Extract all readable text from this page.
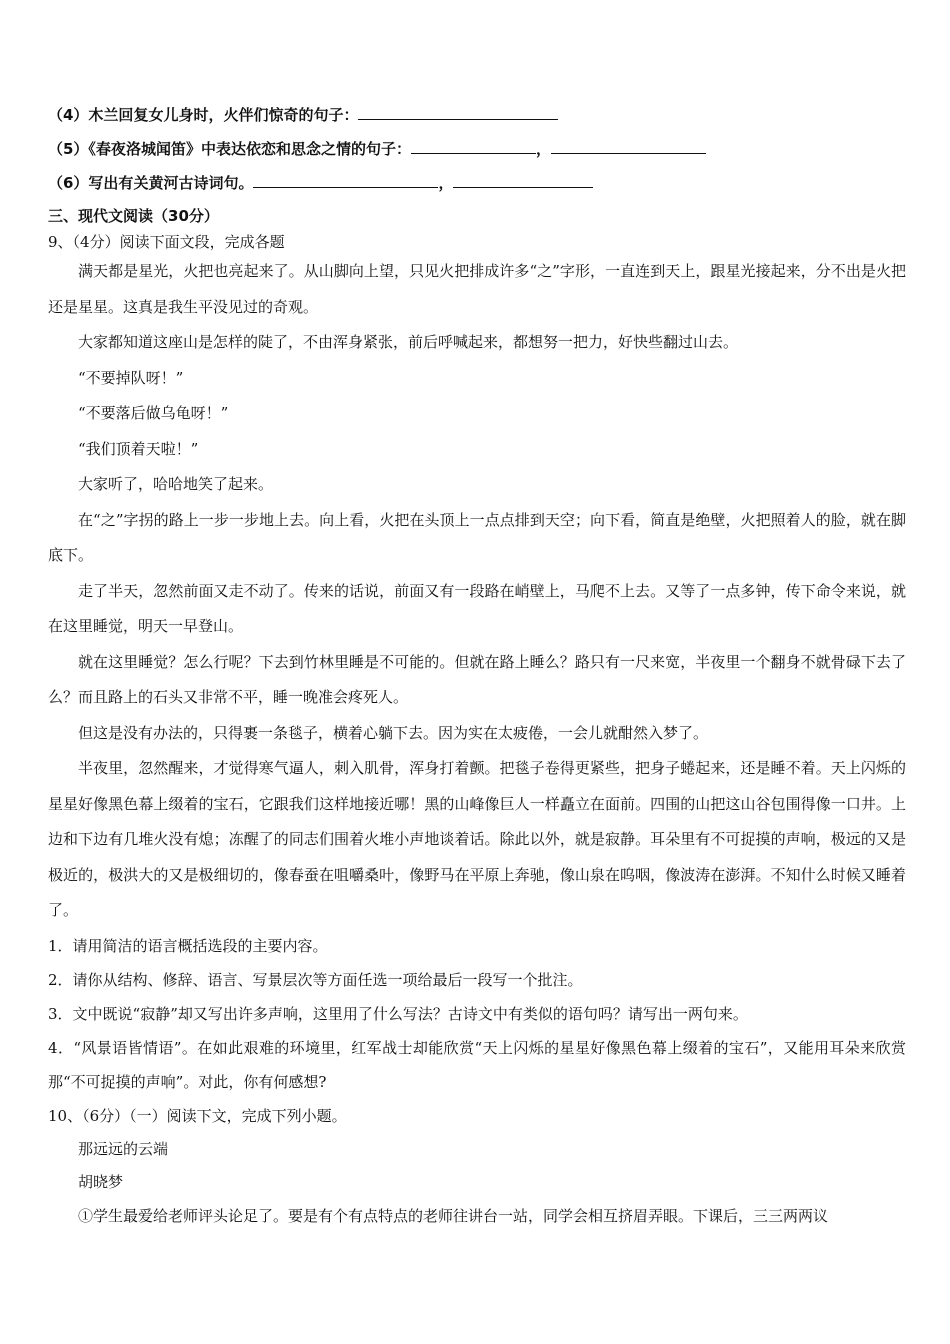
（4）木兰回复女儿身时，火伴们惊奇的句子：
（5）《春夜洛城闻笛》中表达依恋和思念之情的句子：	，
（6）写出有关黄河古诗词句。	，
三、现代文阅读（30分）
9、（4分）阅读下面文段，完成各题

满天都是星光，火把也亮起来了。从山脚向上望，只见火把排成许多“之”字形，一直连到天上，跟星光接起来，分不出是火把还是星星。这真是我生平没见过的奇观。

大家都知道这座山是怎样的陡了，不由浑身紧张，前后呼喊起来，都想努一把力，好快些翻过山去。

“不要掉队呀！”

“不要落后做乌龟呀！”

“我们顶着天啦！”

大家听了，哈哈地笑了起来。

在“之”字拐的路上一步一步地上去。向上看，火把在头顶上一点点排到天空；向下看，简直是绝壁，火把照着人的脸，就在脚底下。

走了半天，忽然前面又走不动了。传来的话说，前面又有一段路在峭壁上，马爬不上去。又等了一点多钟，传下命令来说，就在这里睡觉，明天一早登山。

就在这里睡觉？怎么行呢？下去到竹林里睡是不可能的。但就在路上睡么？路只有一尺来宽，半夜里一个翻身不就骨碌下去了么？而且路上的石头又非常不平，睡一晚准会疼死人。

但这是没有办法的，只得裹一条毯子，横着心躺下去。因为实在太疲倦，一会儿就酣然入梦了。

半夜里，忽然醒来，才觉得寒气逼人，刺入肌骨，浑身打着颤。把毯子卷得更紧些，把身子蜷起来，还是睡不着。天上闪烁的星星好像黑色幕上缀着的宝石，它跟我们这样地接近哪！黑的山峰像巨人一样矗立在面前。四围的山把这山谷包围得像一口井。上边和下边有几堆火没有熄；冻醒了的同志们围着火堆小声地谈着话。除此以外，就是寂静。耳朵里有不可捉摸的声响，极远的又是极近的，极洪大的又是极细切的，像春蚕在咀嚼桑叶，像野马在平原上奔驰，像山泉在呜咽，像波涛在澎湃。不知什么时候又睡着了。

1．请用简洁的语言概括选段的主要内容。

2．请你从结构、修辞、语言、写景层次等方面任选一项给最后一段写一个批注。

3．文中既说“寂静”却又写出许多声响，这里用了什么写法？古诗文中有类似的语句吗？请写出一两句来。

4．“风景语皆情语”。在如此艰难的环境里，红军战士却能欣赏“天上闪烁的星星好像黑色幕上缀着的宝石”，又能用耳朵来欣赏那“不可捉摸的声响”。对此，你有何感想?

10、（6分）（一）阅读下文，完成下列小题。
那远远的云端
胡晓梦

①学生最爱给老师评头论足了。要是有个有点特点的老师往讲台一站，同学会相互挤眉弄眼。下课后，三三两两议
